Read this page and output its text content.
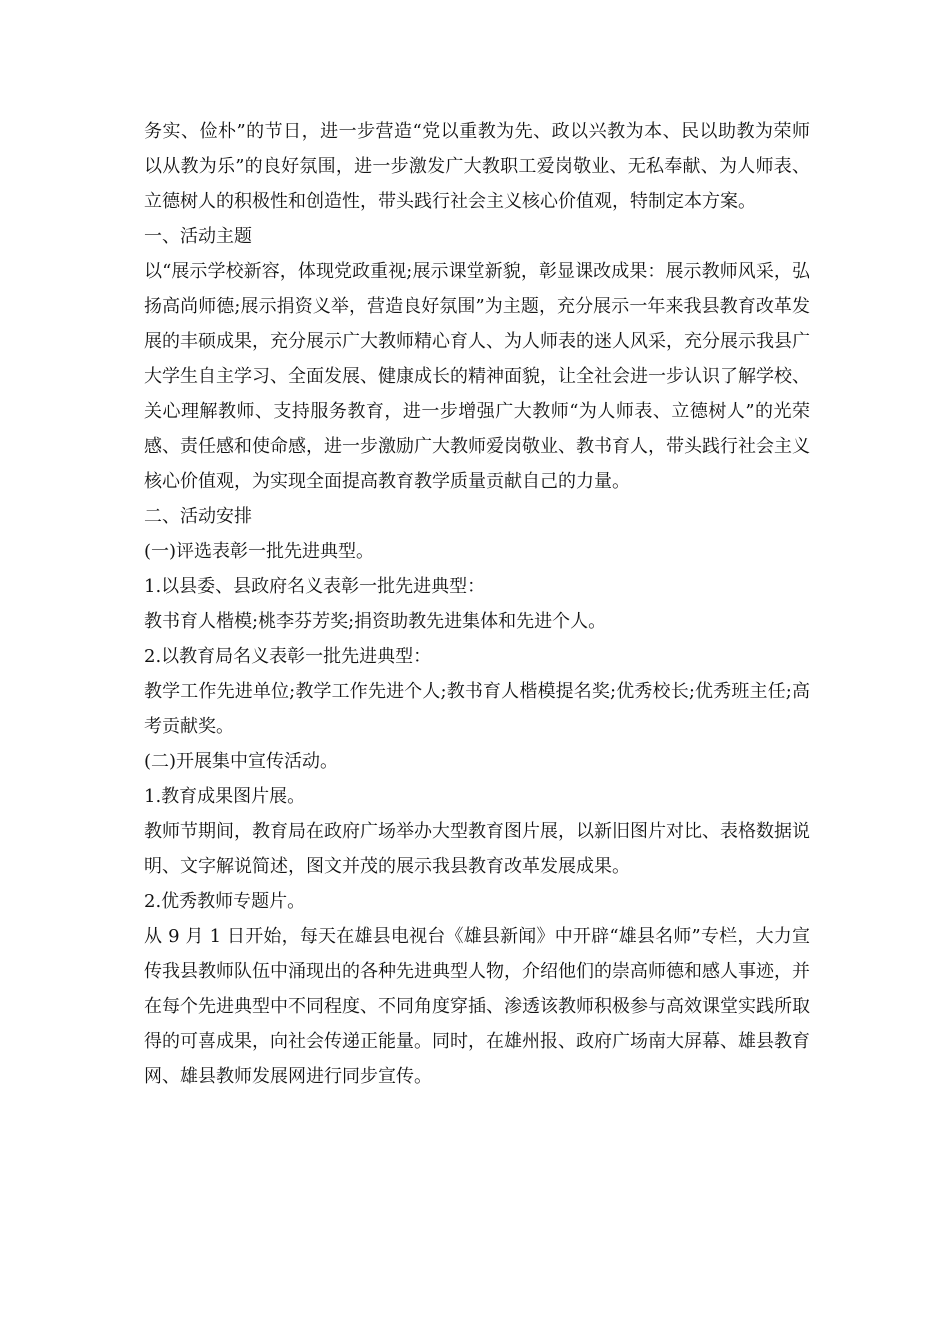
务实、俭朴”的节日，进一步营造“党以重教为先、政以兴教为本、民以助教为荣师以从教为乐”的良好氛围，进一步激发广大教职工爱岗敬业、无私奉献、为人师表、立德树人的积极性和创造性，带头践行社会主义核心价值观，特制定本方案。

一、活动主题

以“展示学校新容，体现党政重视;展示课堂新貌，彰显课改成果：展示教师风采，弘扬高尚师德;展示捐资义举，营造良好氛围”为主题，充分展示一年来我县教育改革发展的丰硕成果，充分展示广大教师精心育人、为人师表的迷人风采，充分展示我县广大学生自主学习、全面发展、健康成长的精神面貌，让全社会进一步认识了解学校、关心理解教师、支持服务教育，进一步增强广大教师“为人师表、立德树人”的光荣感、责任感和使命感，进一步激励广大教师爱岗敬业、教书育人，带头践行社会主义核心价值观，为实现全面提高教育教学质量贡献自己的力量。

二、活动安排

(一)评选表彰一批先进典型。

1.以县委、县政府名义表彰一批先进典型：

教书育人楷模;桃李芬芳奖;捐资助教先进集体和先进个人。

2.以教育局名义表彰一批先进典型：

教学工作先进单位;教学工作先进个人;教书育人楷模提名奖;优秀校长;优秀班主任;高考贡献奖。

(二)开展集中宣传活动。

1.教育成果图片展。

教师节期间，教育局在政府广场举办大型教育图片展，以新旧图片对比、表格数据说明、文字解说简述，图文并茂的展示我县教育改革发展成果。

2.优秀教师专题片。

从 9 月 1 日开始，每天在雄县电视台《雄县新闻》中开辟“雄县名师”专栏，大力宣传我县教师队伍中涌现出的各种先进典型人物，介绍他们的崇高师德和感人事迹，并在每个先进典型中不同程度、不同角度穿插、渗透该教师积极参与高效课堂实践所取得的可喜成果，向社会传递正能量。同时，在雄州报、政府广场南大屏幕、雄县教育网、雄县教师发展网进行同步宣传。
